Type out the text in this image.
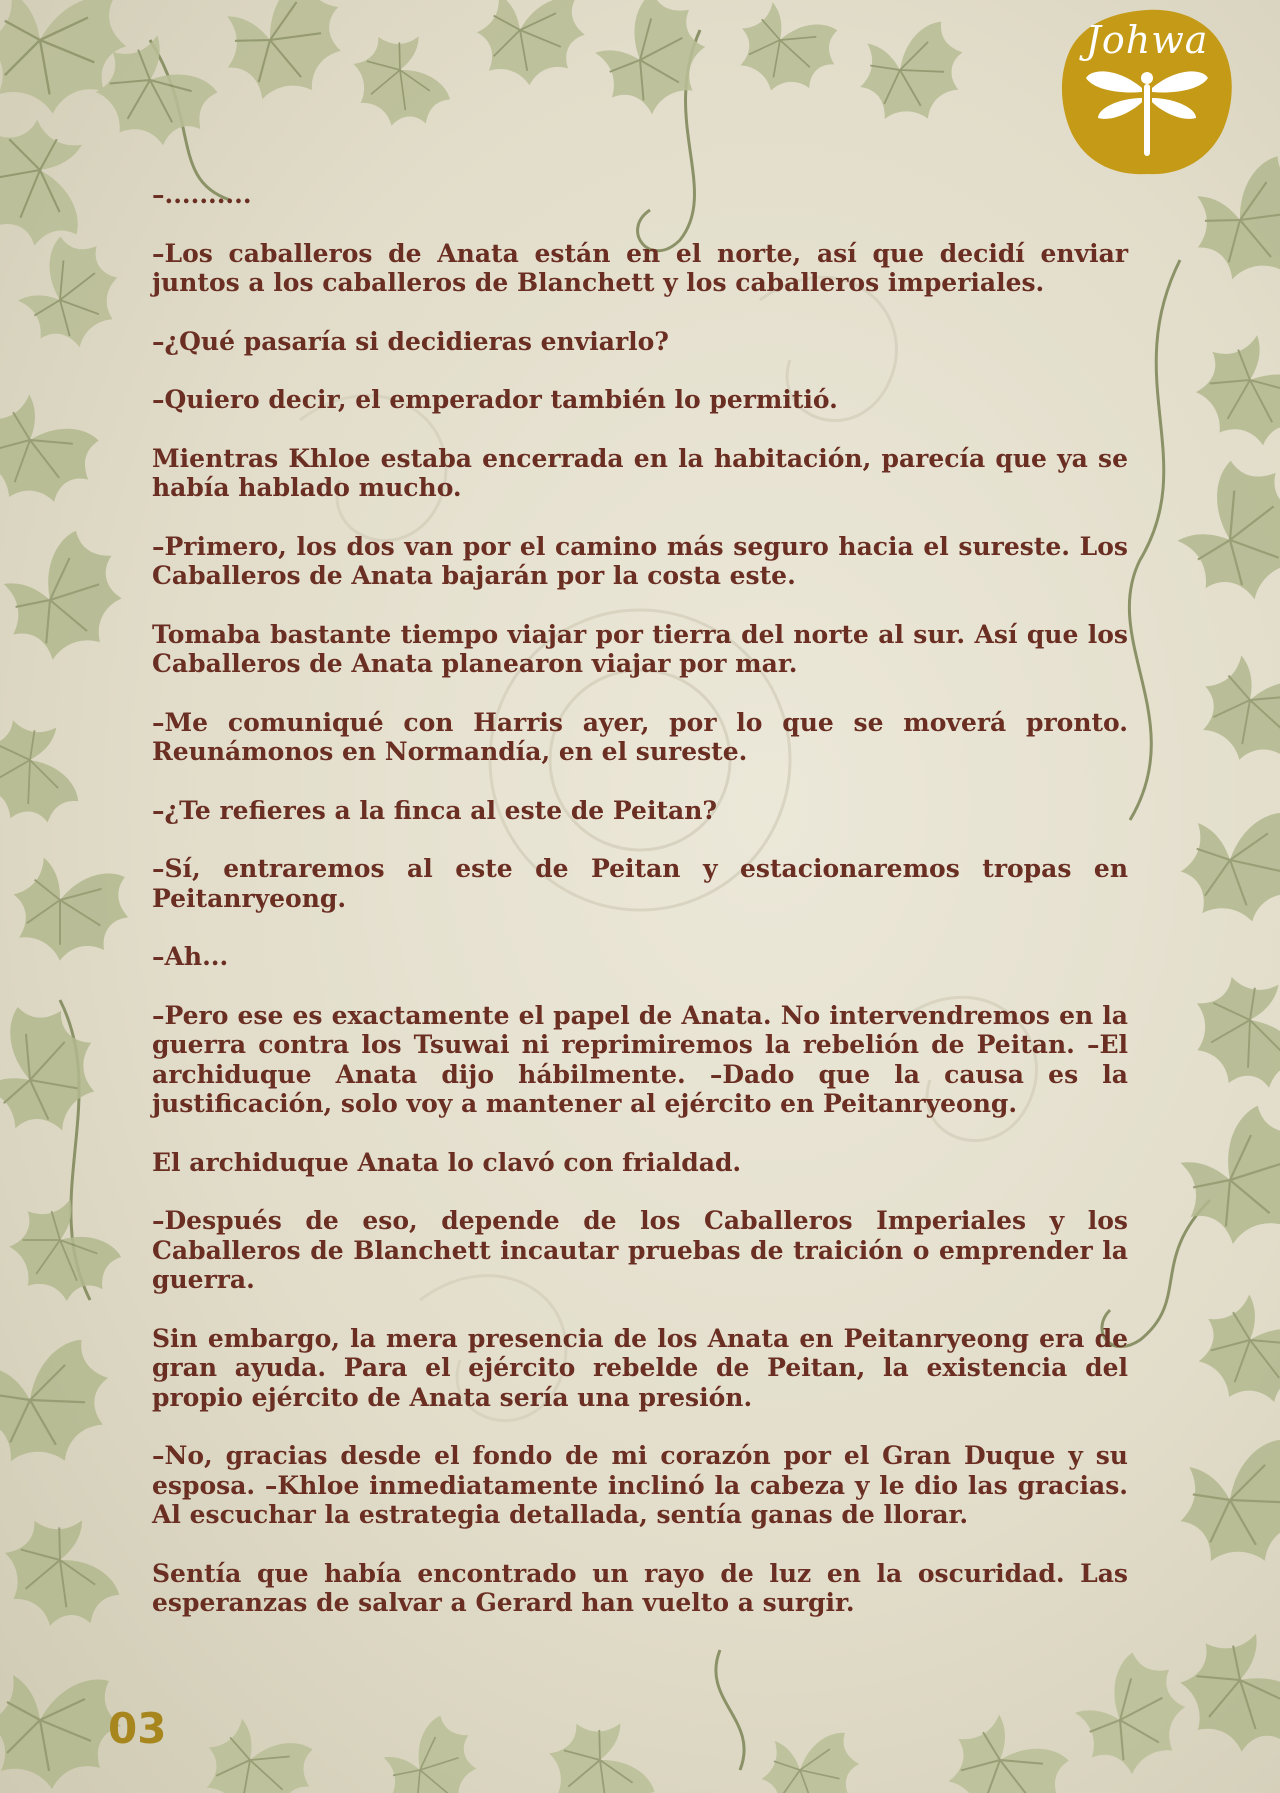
Johwa

–..........

–Los caballeros de Anata están en el norte, así que decidí enviar juntos a los caballeros de Blanchett y los caballeros imperiales.

–¿Qué pasaría si decidieras enviarlo?

–Quiero decir, el emperador también lo permitió.

Mientras Khloe estaba encerrada en la habitación, parecía que ya se había hablado mucho.

–Primero, los dos van por el camino más seguro hacia el sureste. Los Caballeros de Anata bajarán por la costa este.

Tomaba bastante tiempo viajar por tierra del norte al sur. Así que los Caballeros de Anata planearon viajar por mar.

–Me comuniqué con Harris ayer, por lo que se moverá pronto. Reunámonos en Normandía, en el sureste.

–¿Te refieres a la finca al este de Peitan?

–Sí, entraremos al este de Peitan y estacionaremos tropas en Peitanryeong.

–Ah...

–Pero ese es exactamente el papel de Anata. No intervendremos en la guerra contra los Tsuwai ni reprimiremos la rebelión de Peitan. –El archiduque Anata dijo hábilmente. –Dado que la causa es la justificación, solo voy a mantener al ejército en Peitanryeong.

El archiduque Anata lo clavó con frialdad.

–Después de eso, depende de los Caballeros Imperiales y los Caballeros de Blanchett incautar pruebas de traición o emprender la guerra.

Sin embargo, la mera presencia de los Anata en Peitanryeong era de gran ayuda. Para el ejército rebelde de Peitan, la existencia del propio ejército de Anata sería una presión.

–No, gracias desde el fondo de mi corazón por el Gran Duque y su esposa. –Khloe inmediatamente inclinó la cabeza y le dio las gracias. Al escuchar la estrategia detallada, sentía ganas de llorar.

Sentía que había encontrado un rayo de luz en la oscuridad. Las esperanzas de salvar a Gerard han vuelto a surgir.

03
